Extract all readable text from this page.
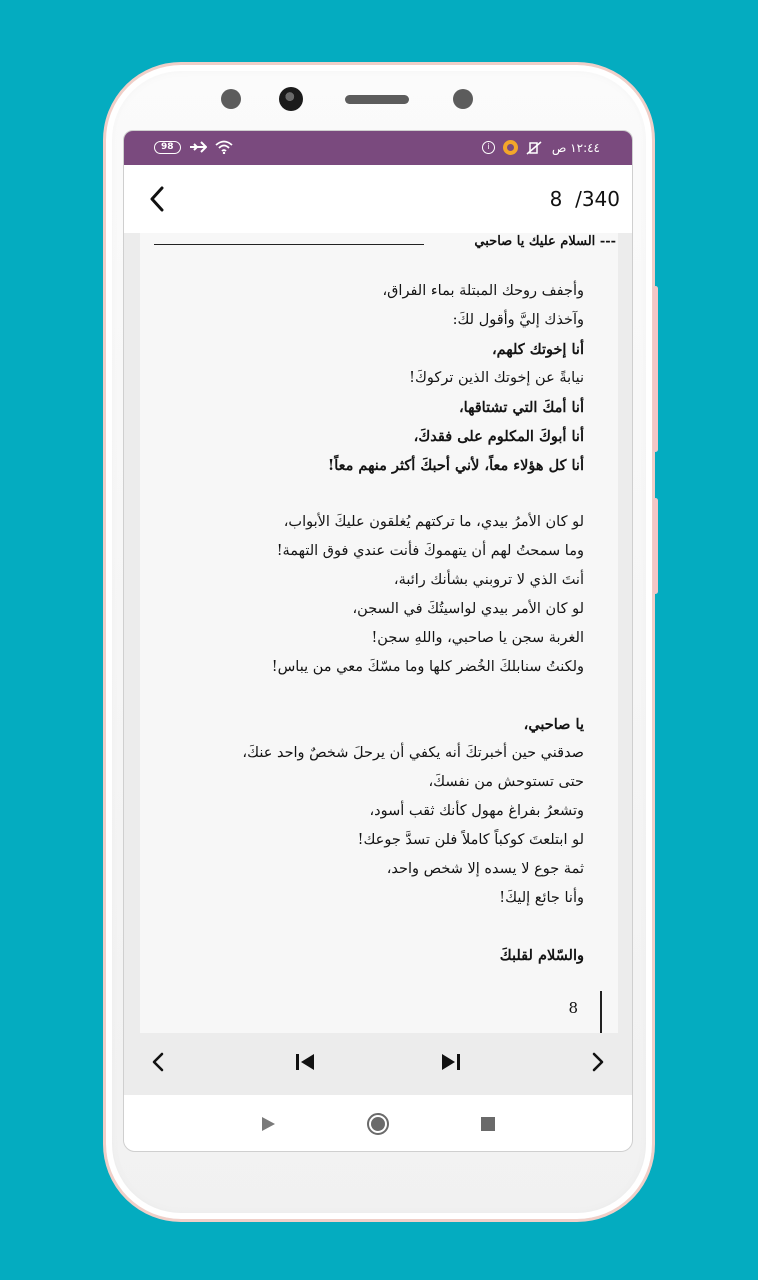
98	i	١٢:٤٤ ص
8  /340
--- السلام عليك يا صاحبي
وأجفف روحك المبتلة بماء الفراق،
وآخذك إليَّ وأقول لكَ:
أنا إخوتك كلهم،
نيابةً عن إخوتك الذين تركوكَ!
أنا أمكَ التي تشتاقها،
أنا أبوكَ المكلوم على فقدكَ،
أنا كل هؤلاء معاً، لأني أحبكَ أكثر منهم معاً!
لو كان الأمرُ بيدي، ما تركتهم يُغلقون عليكَ الأبواب،
وما سمحتُ لهم أن يتهموكَ فأنت عندي فوق التهمة!
أنتَ الذي لا تروبني بشأنك رائبة،
لو كان الأمر بيدي لواسيتُكَ في السجن،
الغربة سجن يا صاحبي، واللهِ سجن!
ولكنتُ سنابلكَ الخُضر كلها وما مسّكَ معي من يباس!
يا صاحبي،
صدقني حين أخبرتكَ أنه يكفي أن يرحلَ شخصٌ واحد عنكَ،
حتى تستوحش من نفسكَ،
وتشعرُ بفراغ مهول كأنك ثقب أسود،
لو ابتلعتَ كوكباً كاملاً فلن تسدَّ جوعك!
ثمة جوع لا يسده إلا شخص واحد،
وأنا جائع إليكَ!
والسّلام لقلبكَ
8
